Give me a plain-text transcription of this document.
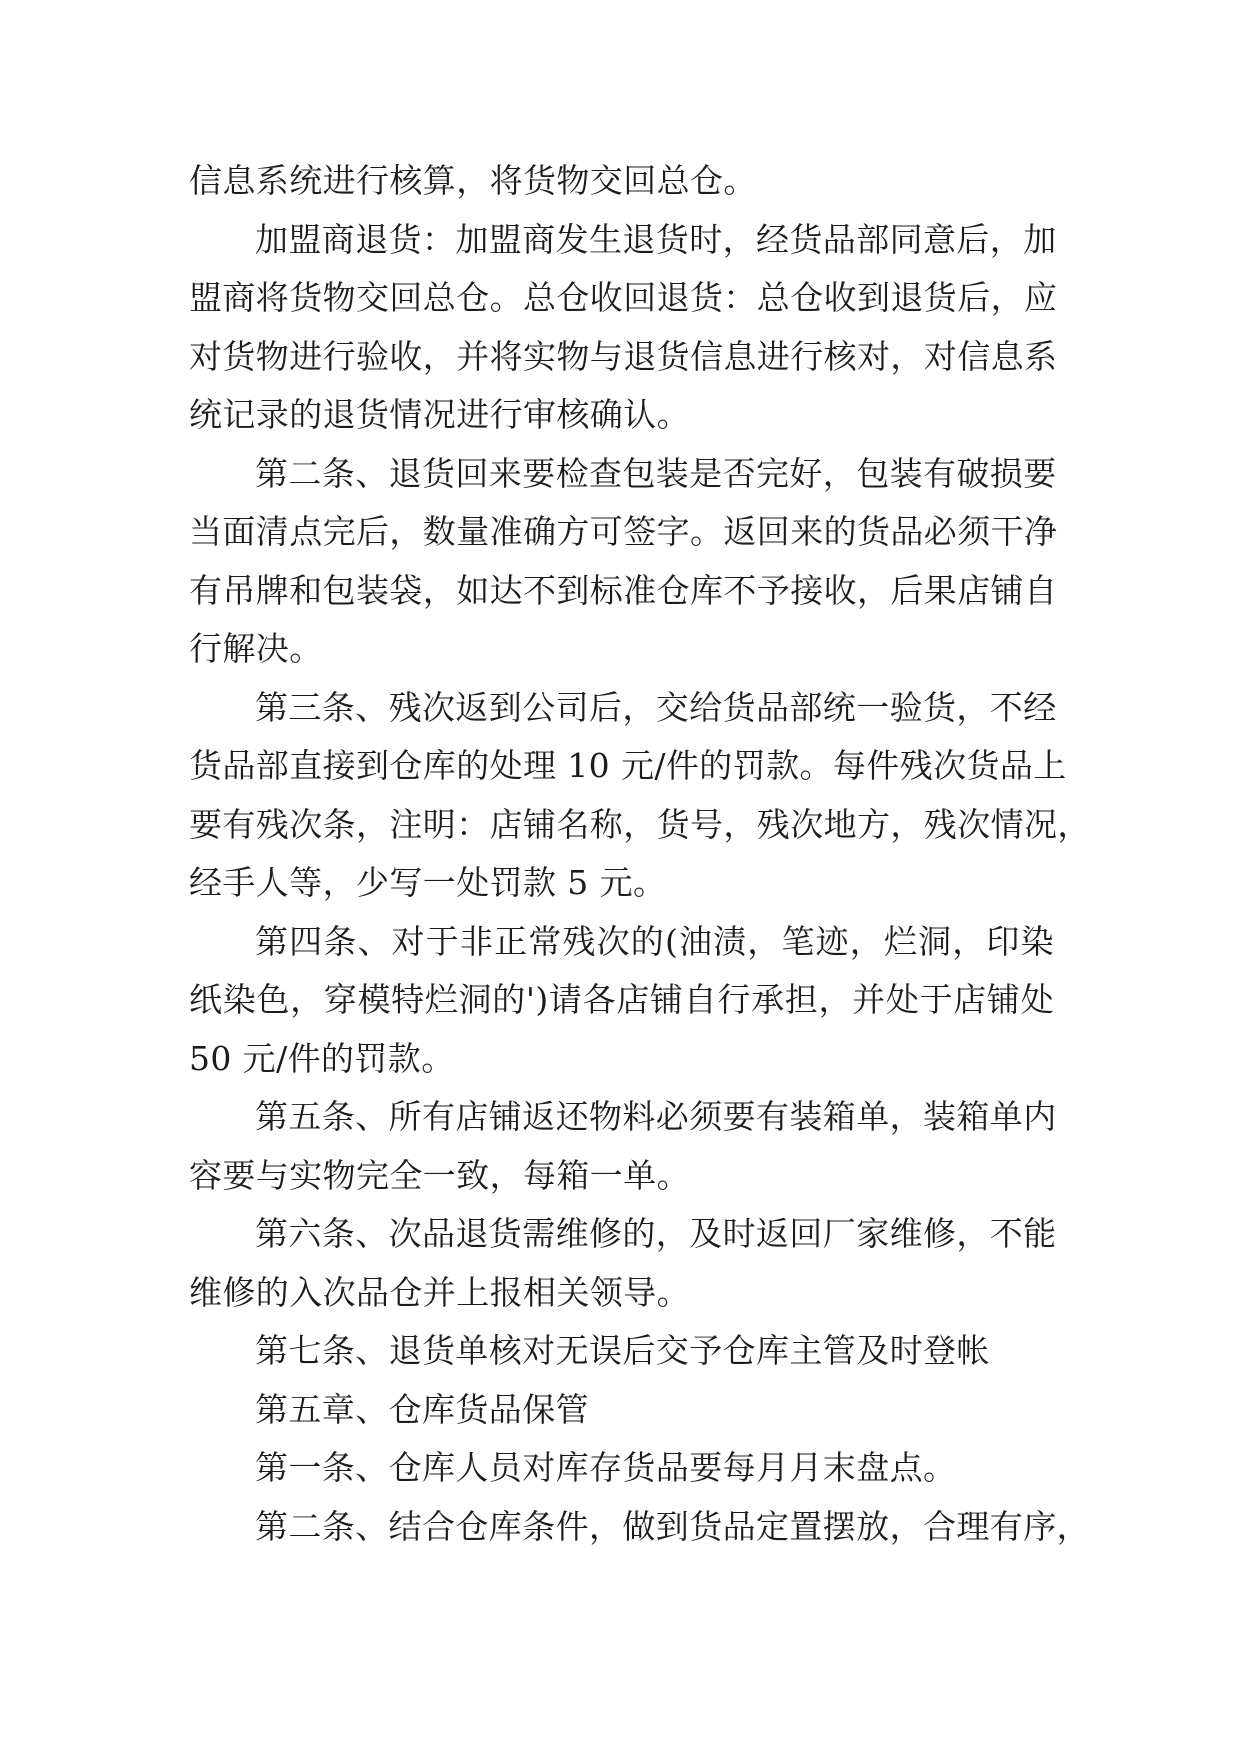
信息系统进行核算，将货物交回总仓。

加盟商退货：加盟商发生退货时，经货品部同意后，加
盟商将货物交回总仓。总仓收回退货：总仓收到退货后，应
对货物进行验收，并将实物与退货信息进行核对，对信息系
统记录的退货情况进行审核确认。

第二条、退货回来要检查包装是否完好，包装有破损要
当面清点完后，数量准确方可签字。返回来的货品必须干净
有吊牌和包装袋，如达不到标准仓库不予接收，后果店铺自
行解决。

第三条、残次返到公司后，交给货品部统一验货，不经
货品部直接到仓库的处理 10 元/件的罚款。每件残次货品上
要有残次条，注明：店铺名称，货号，残次地方，残次情况，
经手人等，少写一处罚款 5 元。

第四条、对于非正常残次的(油渍，笔迹，烂洞，印染
纸染色，穿模特烂洞的')请各店铺自行承担，并处于店铺处
50 元/件的罚款。

第五条、所有店铺返还物料必须要有装箱单，装箱单内
容要与实物完全一致，每箱一单。

第六条、次品退货需维修的，及时返回厂家维修，不能
维修的入次品仓并上报相关领导。

第七条、退货单核对无误后交予仓库主管及时登帐

第五章、仓库货品保管

第一条、仓库人员对库存货品要每月月末盘点。

第二条、结合仓库条件，做到货品定置摆放，合理有序，
